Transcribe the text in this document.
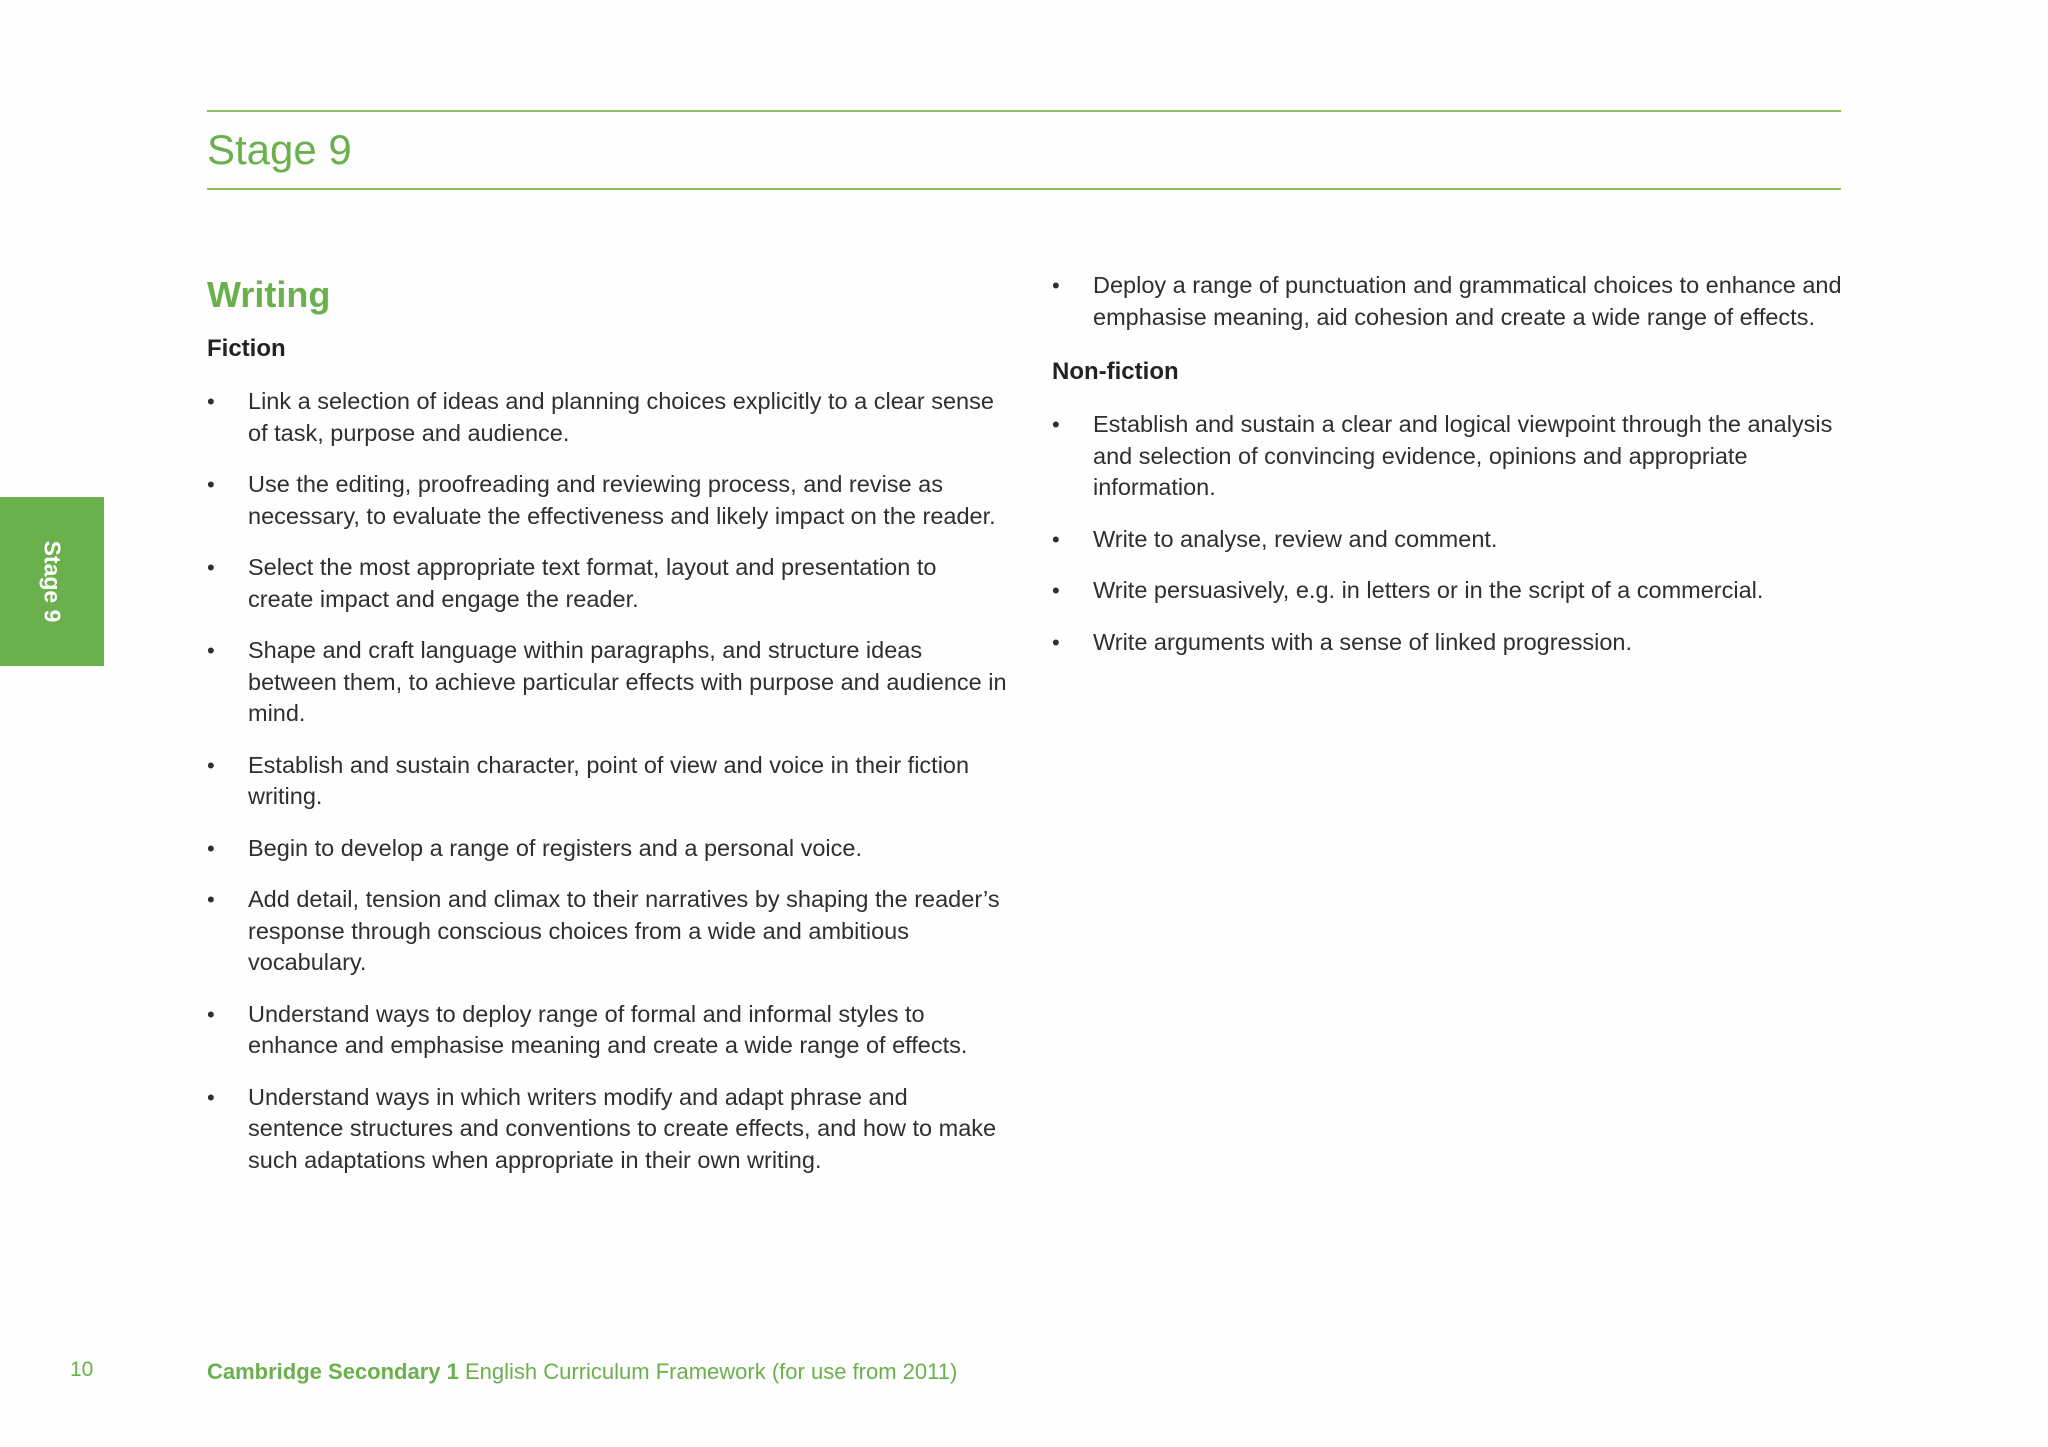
Stage 9
Stage 9
Writing
Fiction
• Link a selection of ideas and planning choices explicitly to a clear sense of task, purpose and audience.
• Use the editing, proofreading and reviewing process, and revise as necessary, to evaluate the effectiveness and likely impact on the reader.
• Select the most appropriate text format, layout and presentation to create impact and engage the reader.
• Shape and craft language within paragraphs, and structure ideas between them, to achieve particular effects with purpose and audience in mind.
• Establish and sustain character, point of view and voice in their fiction writing.
• Begin to develop a range of registers and a personal voice.
• Add detail, tension and climax to their narratives by shaping the reader’s response through conscious choices from a wide and ambitious vocabulary.
• Understand ways to deploy range of formal and informal styles to enhance and emphasise meaning and create a wide range of effects.
• Understand ways in which writers modify and adapt phrase and sentence structures and conventions to create effects, and how to make such adaptations when appropriate in their own writing.
• Deploy a range of punctuation and grammatical choices to enhance and emphasise meaning, aid cohesion and create a wide range of effects.
Non-fiction
• Establish and sustain a clear and logical viewpoint through the analysis and selection of convincing evidence, opinions and appropriate information.
• Write to analyse, review and comment.
• Write persuasively, e.g. in letters or in the script of a commercial.
• Write arguments with a sense of linked progression.
10	Cambridge Secondary 1 English Curriculum Framework (for use from 2011)
